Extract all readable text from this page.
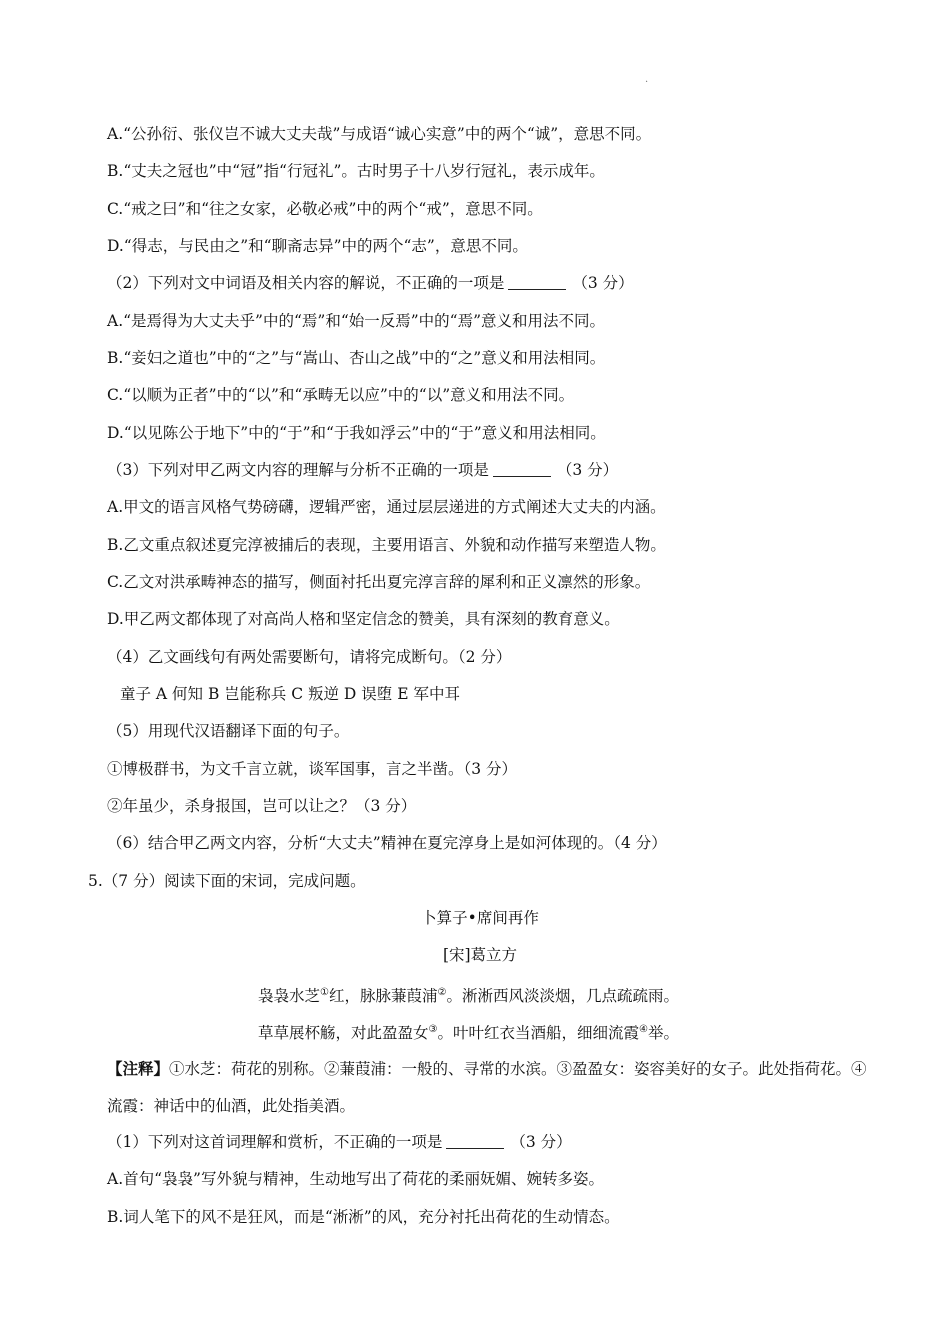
.
A.“公孙衍、张仪岂不诚大丈夫哉”与成语“诚心实意”中的两个“诚”，意思不同。
B.“丈夫之冠也”中“冠”指“行冠礼”。古时男子十八岁行冠礼，表示成年。
C.“戒之曰”和“往之女家，必敬必戒”中的两个“戒”，意思不同。
D.“得志，与民由之”和“聊斋志异”中的两个“志”，意思不同。
（2）下列对文中词语及相关内容的解说，不正确的一项是	（3 分）
A.“是焉得为大丈夫乎”中的“焉”和“始一反焉”中的“焉”意义和用法不同。
B.“妾妇之道也”中的“之”与“嵩山、杏山之战”中的“之”意义和用法相同。
C.“以顺为正者”中的“以”和“承畴无以应”中的“以”意义和用法不同。
D.“以见陈公于地下”中的“于”和“于我如浮云”中的“于”意义和用法相同。
（3）下列对甲乙两文内容的理解与分析不正确的一项是	（3 分）
A.甲文的语言风格气势磅礴，逻辑严密，通过层层递进的方式阐述大丈夫的内涵。
B.乙文重点叙述夏完淳被捕后的表现，主要用语言、外貌和动作描写来塑造人物。
C.乙文对洪承畴神态的描写，侧面衬托出夏完淳言辞的犀利和正义凛然的形象。
D.甲乙两文都体现了对高尚人格和坚定信念的赞美，具有深刻的教育意义。
（4）乙文画线句有两处需要断句，请将完成断句。（2 分）
童子 A 何知 B 岂能称兵 C 叛逆 D 误堕 E 军中耳
（5）用现代汉语翻译下面的句子。
①博极群书，为文千言立就，谈军国事，言之半凿。（3 分）
②年虽少，杀身报国，岂可以让之？（3 分）
（6）结合甲乙两文内容，分析“大丈夫”精神在夏完淳身上是如河体现的。（4 分）
5.（7 分）阅读下面的宋词，完成问题。
卜算子•席间再作
[宋]葛立方
袅袅水芝①红，脉脉蒹葭浦②。淅淅西风淡淡烟，几点疏疏雨。
草草展杯觞，对此盈盈女③。叶叶红衣当酒船，细细流霞④举。
【注释】①水芝：荷花的别称。②蒹葭浦：一般的、寻常的水滨。③盈盈女：姿容美好的女子。此处指荷花。④流霞：神话中的仙酒，此处指美酒。
（1）下列对这首词理解和赏析，不正确的一项是	（3 分）
A.首句“袅袅”写外貌与精神，生动地写出了荷花的柔丽妩媚、婉转多姿。
B.词人笔下的风不是狂风，而是“淅淅”的风，充分衬托出荷花的生动情态。
